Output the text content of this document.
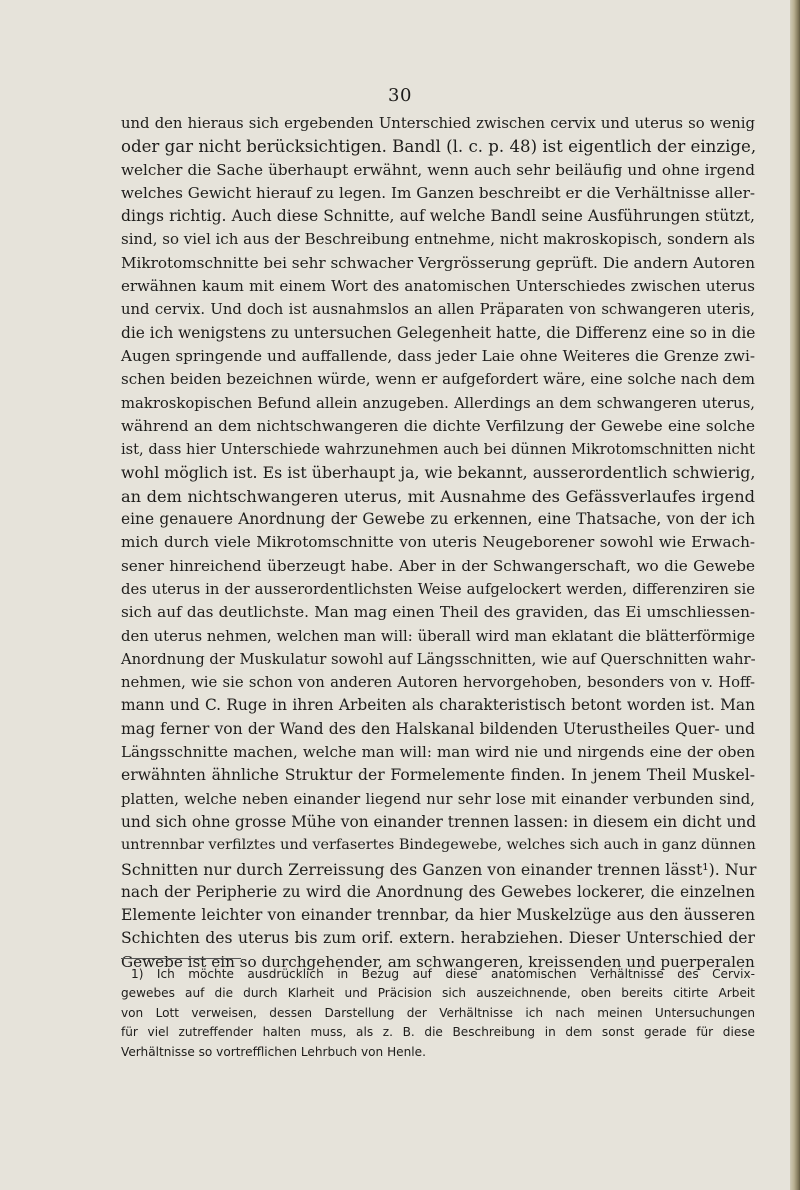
30

und den hieraus sich ergebenden Unterschied zwischen cervix und uterus so wenig
oder gar nicht berücksichtigen. Bandl (l. c. p. 48) ist eigentlich der einzige,
welcher die Sache überhaupt erwähnt, wenn auch sehr beiläufig und ohne irgend
welches Gewicht hierauf zu legen. Im Ganzen beschreibt er die Verhältnisse aller-
dings richtig. Auch diese Schnitte, auf welche Bandl seine Ausführungen stützt,
sind, so viel ich aus der Beschreibung entnehme, nicht makroskopisch, sondern als
Mikrotomschnitte bei sehr schwacher Vergrösserung geprüft. Die andern Autoren
erwähnen kaum mit einem Wort des anatomischen Unterschiedes zwischen uterus
und cervix. Und doch ist ausnahmslos an allen Präparaten von schwangeren uteris,
die ich wenigstens zu untersuchen Gelegenheit hatte, die Differenz eine so in die
Augen springende und auffallende, dass jeder Laie ohne Weiteres die Grenze zwi-
schen beiden bezeichnen würde, wenn er aufgefordert wäre, eine solche nach dem
makroskopischen Befund allein anzugeben. Allerdings an dem schwangeren uterus,
während an dem nichtschwangeren die dichte Verfilzung der Gewebe eine solche
ist, dass hier Unterschiede wahrzunehmen auch bei dünnen Mikrotomschnitten nicht
wohl möglich ist. Es ist überhaupt ja, wie bekannt, ausserordentlich schwierig,
an dem nichtschwangeren uterus, mit Ausnahme des Gefässverlaufes irgend
eine genauere Anordnung der Gewebe zu erkennen, eine Thatsache, von der ich
mich durch viele Mikrotomschnitte von uteris Neugeborener sowohl wie Erwach-
sener hinreichend überzeugt habe. Aber in der Schwangerschaft, wo die Gewebe
des uterus in der ausserordentlichsten Weise aufgelockert werden, differenziren sie
sich auf das deutlichste. Man mag einen Theil des graviden, das Ei umschliessen-
den uterus nehmen, welchen man will: überall wird man eklatant die blätterförmige
Anordnung der Muskulatur sowohl auf Längsschnitten, wie auf Querschnitten wahr-
nehmen, wie sie schon von anderen Autoren hervorgehoben, besonders von v. Hoff-
mann und C. Ruge in ihren Arbeiten als charakteristisch betont worden ist. Man
mag ferner von der Wand des den Halskanal bildenden Uterustheiles Quer- und
Längsschnitte machen, welche man will: man wird nie und nirgends eine der oben
erwähnten ähnliche Struktur der Formelemente finden. In jenem Theil Muskel-
platten, welche neben einander liegend nur sehr lose mit einander verbunden sind,
und sich ohne grosse Mühe von einander trennen lassen: in diesem ein dicht und
untrennbar verfilztes und verfasertes Bindegewebe, welches sich auch in ganz dünnen
Schnitten nur durch Zerreissung des Ganzen von einander trennen lässt¹). Nur
nach der Peripherie zu wird die Anordnung des Gewebes lockerer, die einzelnen
Elemente leichter von einander trennbar, da hier Muskelzüge aus den äusseren
Schichten des uterus bis zum orif. extern. herabziehen. Dieser Unterschied der
Gewebe ist ein so durchgehender, am schwangeren, kreissenden und puerperalen

1) Ich möchte ausdrücklich in Bezug auf diese anatomischen Verhältnisse des Cervix-
gewebes auf die durch Klarheit und Präcision sich auszeichnende, oben bereits citirte Arbeit
von Lott verweisen, dessen Darstellung der Verhältnisse ich nach meinen Untersuchungen
für viel zutreffender halten muss, als z. B. die Beschreibung in dem sonst gerade für diese
Verhältnisse so vortrefflichen Lehrbuch von Henle.
